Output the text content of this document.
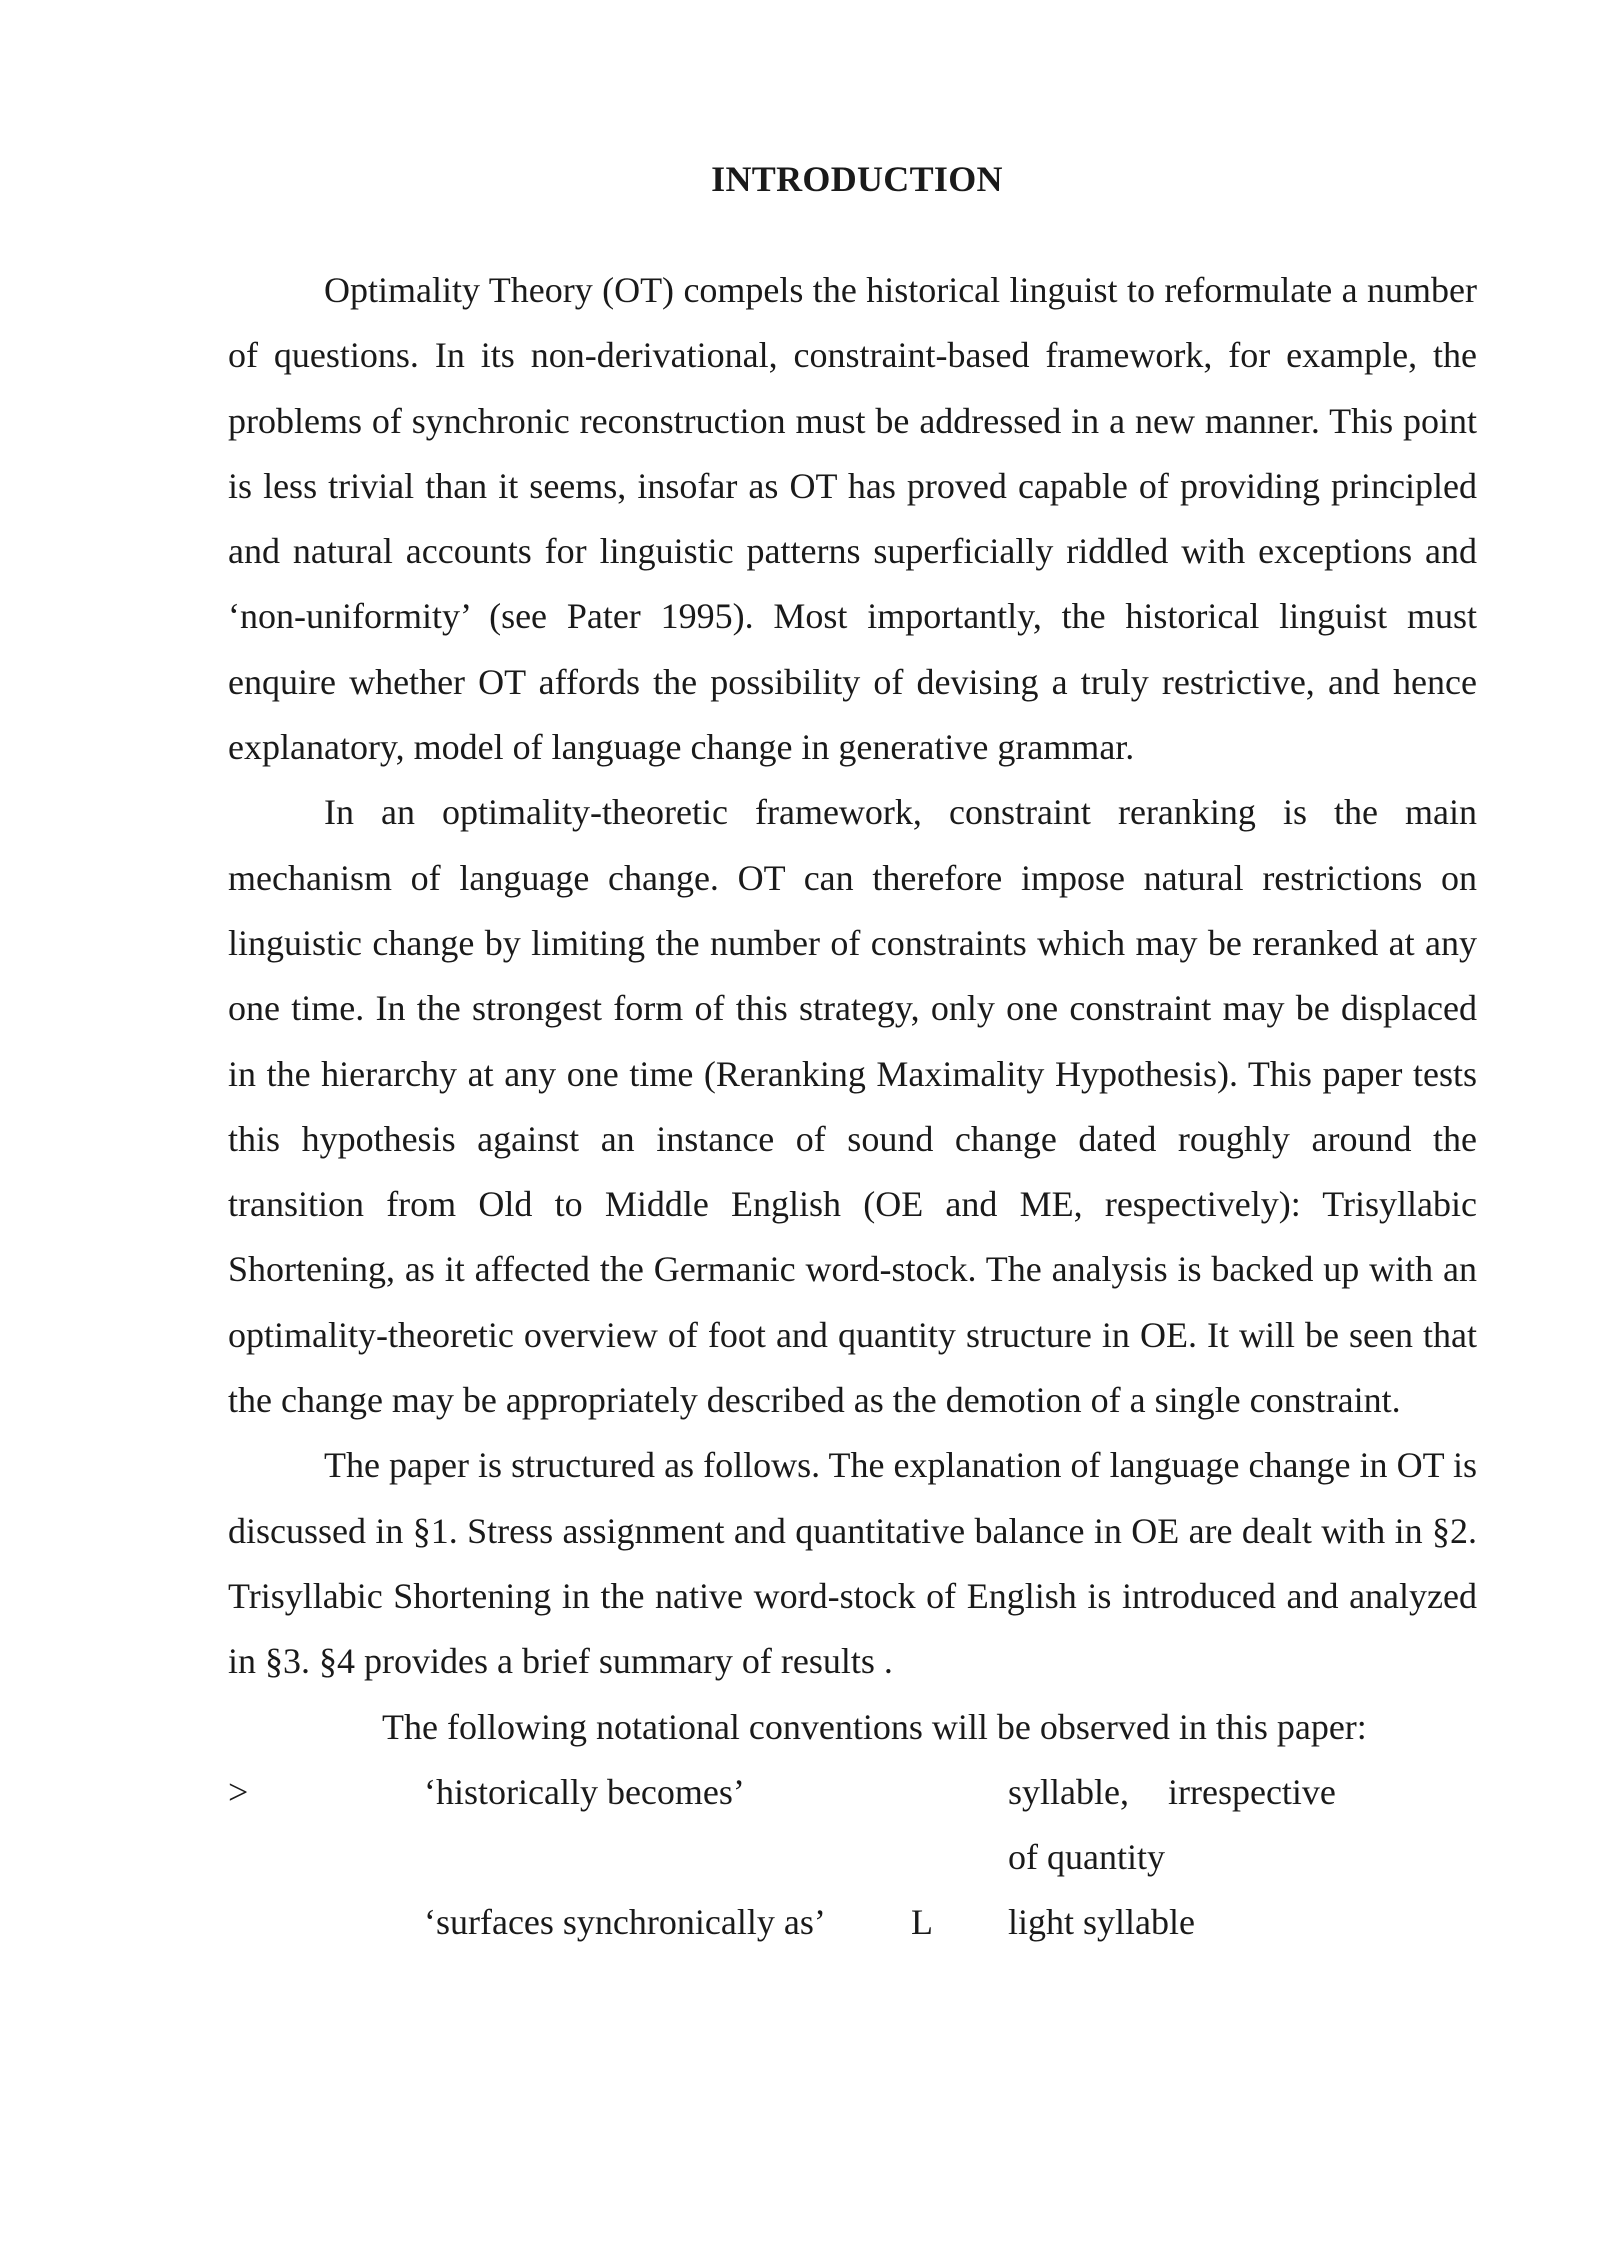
INTRODUCTION

Optimality Theory (OT) compels the historical linguist to reformulate a number of questions. In its non-derivational, constraint-based framework, for example, the problems of synchronic reconstruction must be addressed in a new manner. This point is less trivial than it seems, insofar as OT has proved capable of providing principled and natural accounts for linguistic patterns superficially riddled with exceptions and ‘non-uniformity’ (see Pater 1995). Most importantly, the historical linguist must enquire whether OT affords the possibility of devising a truly restrictive, and hence explanatory, model of language change in generative grammar.

In an optimality-theoretic framework, constraint reranking is the main mechanism of language change. OT can therefore impose natural restrictions on linguistic change by limiting the number of constraints which may be reranked at any one time. In the strongest form of this strategy, only one constraint may be displaced in the hierarchy at any one time (Reranking Maximality Hypothesis). This paper tests this hypothesis against an instance of sound change dated roughly around the transition from Old to Middle English (OE and ME, respectively): Trisyllabic Shortening, as it affected the Germanic word-stock. The analysis is backed up with an optimality-theoretic overview of foot and quantity structure in OE. It will be seen that the change may be appropriately described as the demotion of a single constraint.

The paper is structured as follows. The explanation of language change in OT is discussed in §1. Stress assignment and quantitative balance in OE are dealt with in §2. Trisyllabic Shortening in the native word-stock of English is introduced and analyzed in §3. §4 provides a brief summary of results .

The following notational conventions will be observed in this paper:

>	‘historically becomes’	syllable, irrespective
of quantity
‘surfaces synchronically as’ L light syllable
